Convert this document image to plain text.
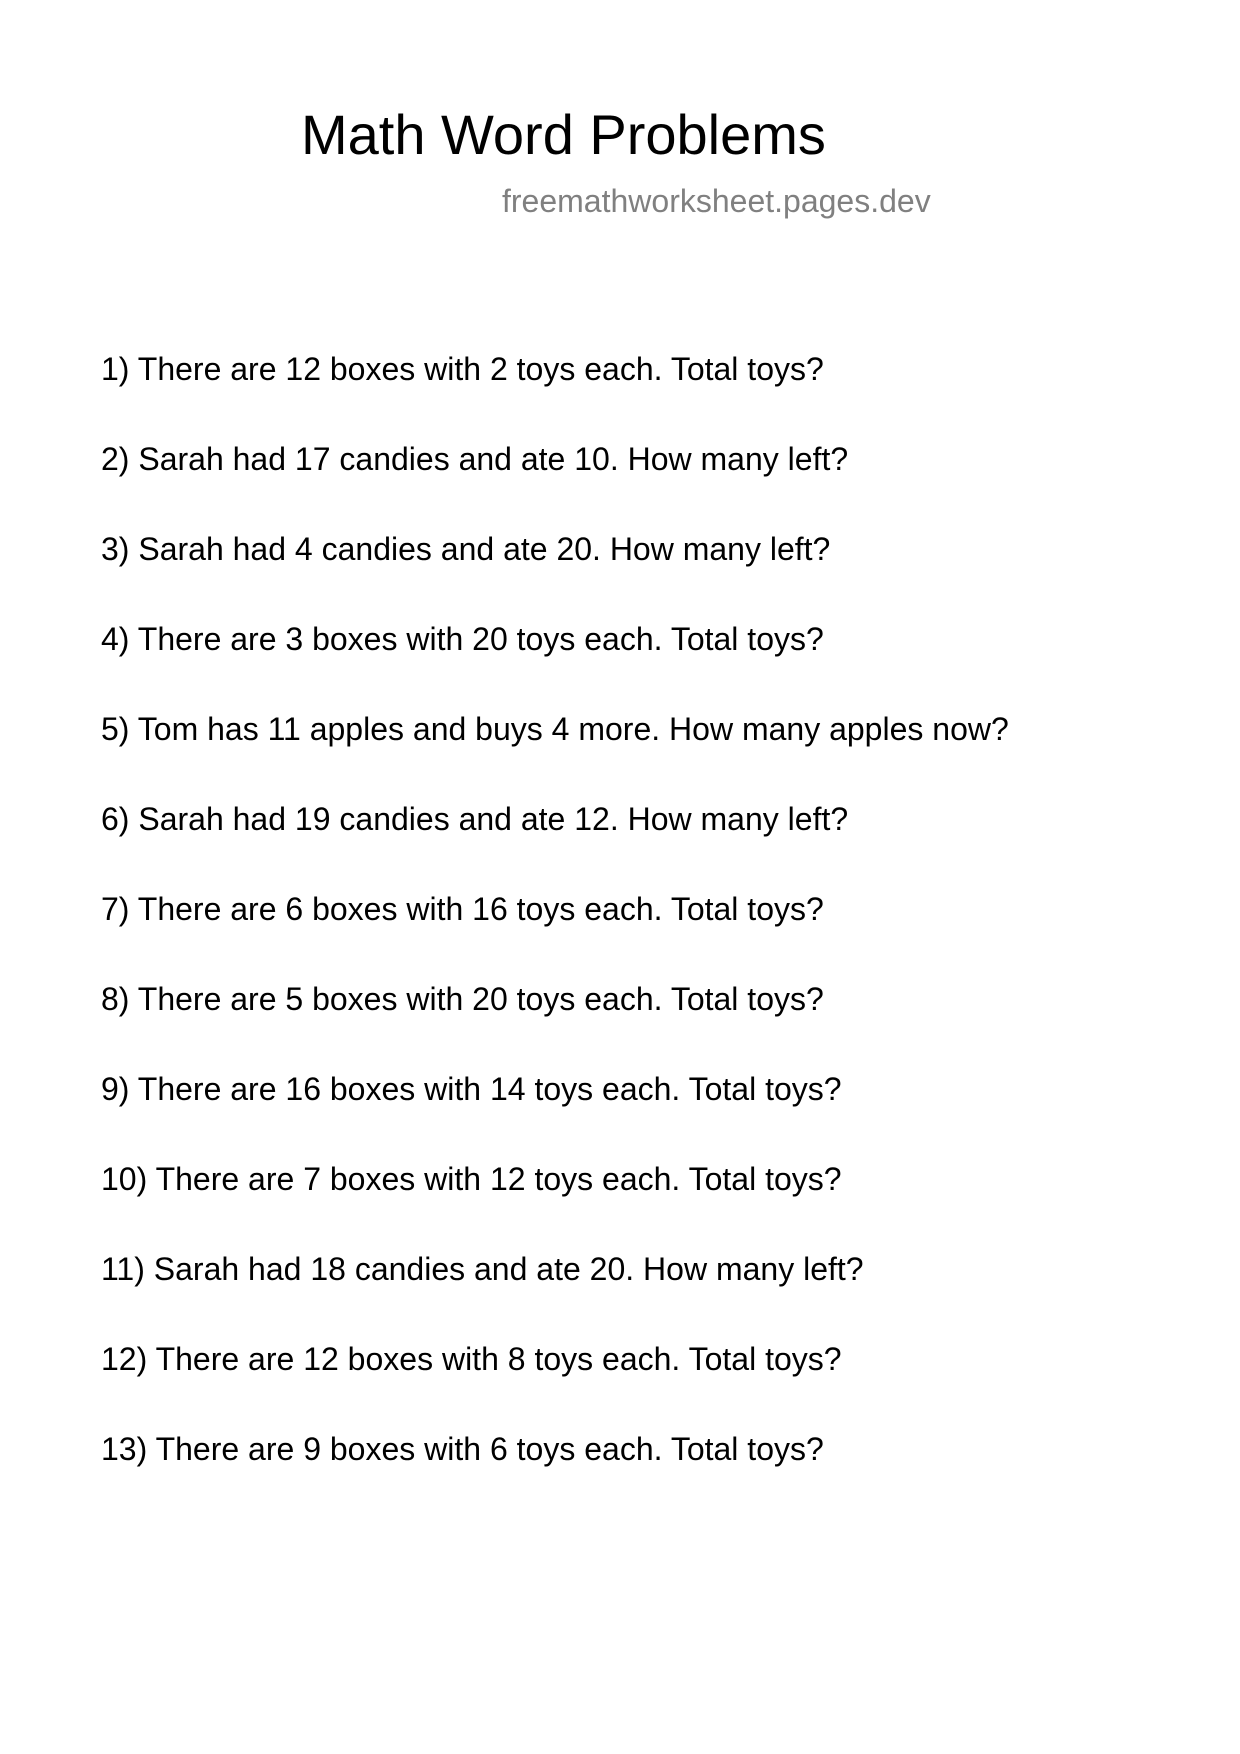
Math Word Problems
freemathworksheet.pages.dev
1) There are 12 boxes with 2 toys each. Total toys?
2) Sarah had 17 candies and ate 10. How many left?
3) Sarah had 4 candies and ate 20. How many left?
4) There are 3 boxes with 20 toys each. Total toys?
5) Tom has 11 apples and buys 4 more. How many apples now?
6) Sarah had 19 candies and ate 12. How many left?
7) There are 6 boxes with 16 toys each. Total toys?
8) There are 5 boxes with 20 toys each. Total toys?
9) There are 16 boxes with 14 toys each. Total toys?
10) There are 7 boxes with 12 toys each. Total toys?
11) Sarah had 18 candies and ate 20. How many left?
12) There are 12 boxes with 8 toys each. Total toys?
13) There are 9 boxes with 6 toys each. Total toys?
